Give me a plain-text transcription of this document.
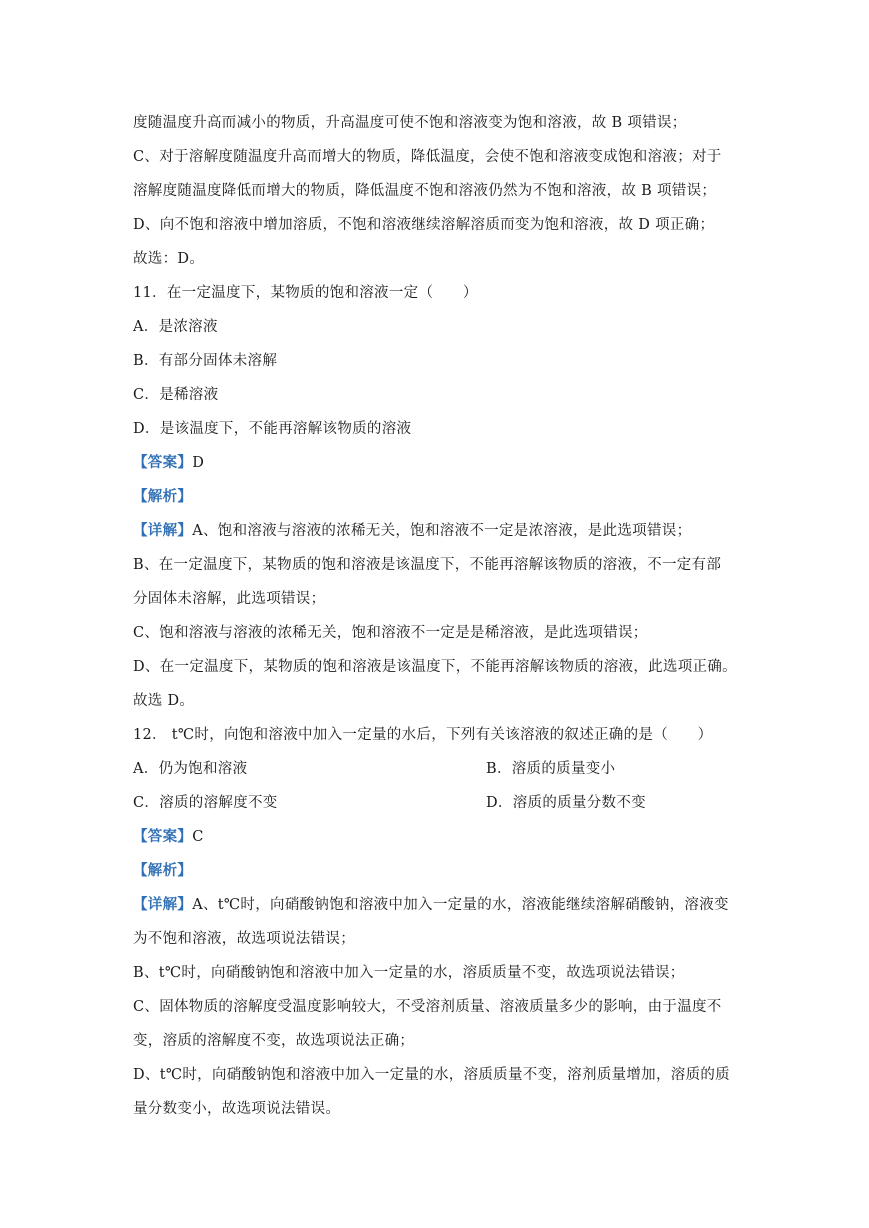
度随温度升高而减小的物质，升高温度可使不饱和溶液变为饱和溶液，故 B 项错误；
C、对于溶解度随温度升高而增大的物质，降低温度，会使不饱和溶液变成饱和溶液；对于
溶解度随温度降低而增大的物质，降低温度不饱和溶液仍然为不饱和溶液，故 B 项错误；
D、向不饱和溶液中增加溶质，不饱和溶液继续溶解溶质而变为饱和溶液，故 D 项正确；
故选：D。
11．在一定温度下，某物质的饱和溶液一定（　　）
A．是浓溶液
B．有部分固体未溶解
C．是稀溶液
D．是该温度下，不能再溶解该物质的溶液
【答案】D
【解析】
【详解】A、饱和溶液与溶液的浓稀无关，饱和溶液不一定是浓溶液，是此选项错误；
B、在一定温度下，某物质的饱和溶液是该温度下，不能再溶解该物质的溶液，不一定有部
分固体未溶解，此选项错误；
C、饱和溶液与溶液的浓稀无关，饱和溶液不一定是是稀溶液，是此选项错误；
D、在一定温度下，某物质的饱和溶液是该温度下，不能再溶解该物质的溶液，此选项正确。
故选 D。
12． t℃时，向饱和溶液中加入一定量的水后，下列有关该溶液的叙述正确的是（　　）
A．仍为饱和溶液	B．溶质的质量变小
C．溶质的溶解度不变	D．溶质的质量分数不变
【答案】C
【解析】
【详解】A、t℃时，向硝酸钠饱和溶液中加入一定量的水，溶液能继续溶解硝酸钠，溶液变
为不饱和溶液，故选项说法错误；
B、t℃时，向硝酸钠饱和溶液中加入一定量的水，溶质质量不变，故选项说法错误；
C、固体物质的溶解度受温度影响较大，不受溶剂质量、溶液质量多少的影响，由于温度不
变，溶质的溶解度不变，故选项说法正确；
D、t℃时，向硝酸钠饱和溶液中加入一定量的水，溶质质量不变，溶剂质量增加，溶质的质
量分数变小，故选项说法错误。
